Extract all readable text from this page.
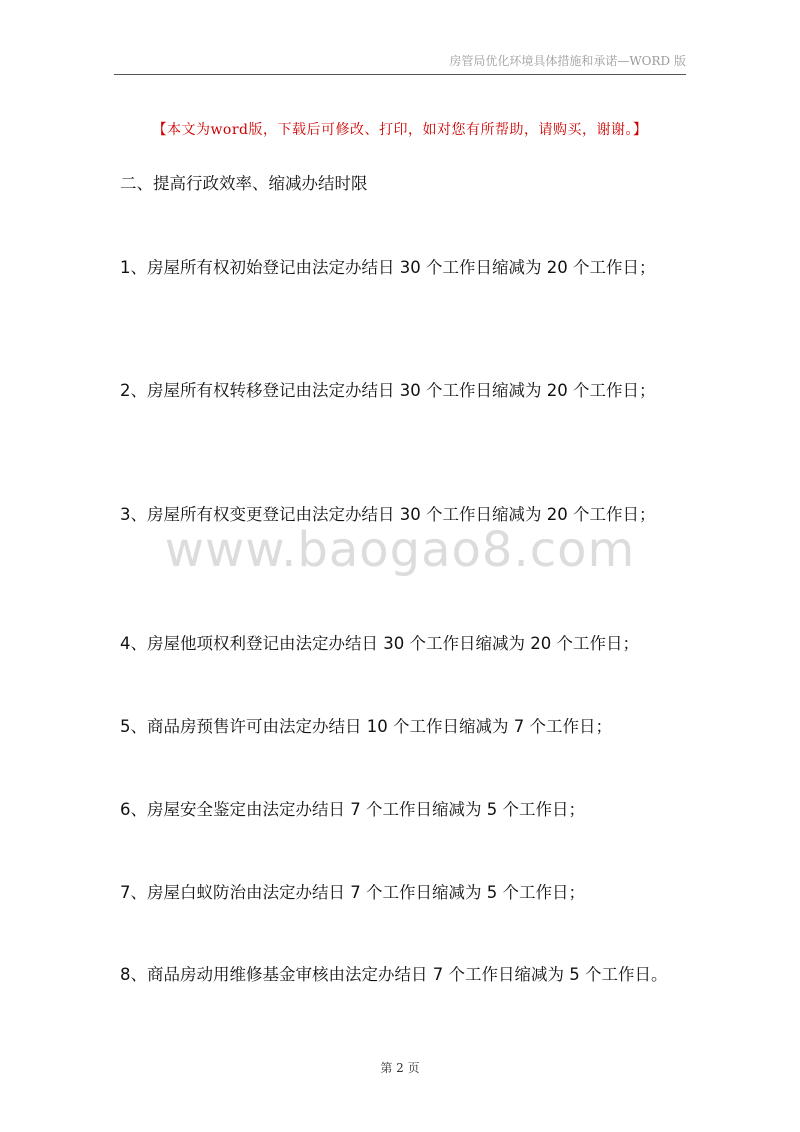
房管局优化环境具体措施和承诺—WORD 版
【本文为word版，下载后可修改、打印，如对您有所帮助，请购买，谢谢。】
二、提高行政效率、缩减办结时限
1、房屋所有权初始登记由法定办结日 30 个工作日缩减为 20 个工作日；
2、房屋所有权转移登记由法定办结日 30 个工作日缩减为 20 个工作日；
3、房屋所有权变更登记由法定办结日 30 个工作日缩减为 20 个工作日；
4、房屋他项权利登记由法定办结日 30 个工作日缩减为 20 个工作日；
5、商品房预售许可由法定办结日 10 个工作日缩减为 7 个工作日；
6、房屋安全鉴定由法定办结日 7 个工作日缩减为 5 个工作日；
7、房屋白蚁防治由法定办结日 7 个工作日缩减为 5 个工作日；
8、商品房动用维修基金审核由法定办结日 7 个工作日缩减为 5 个工作日。
www.baogao8.com
第 2 页
